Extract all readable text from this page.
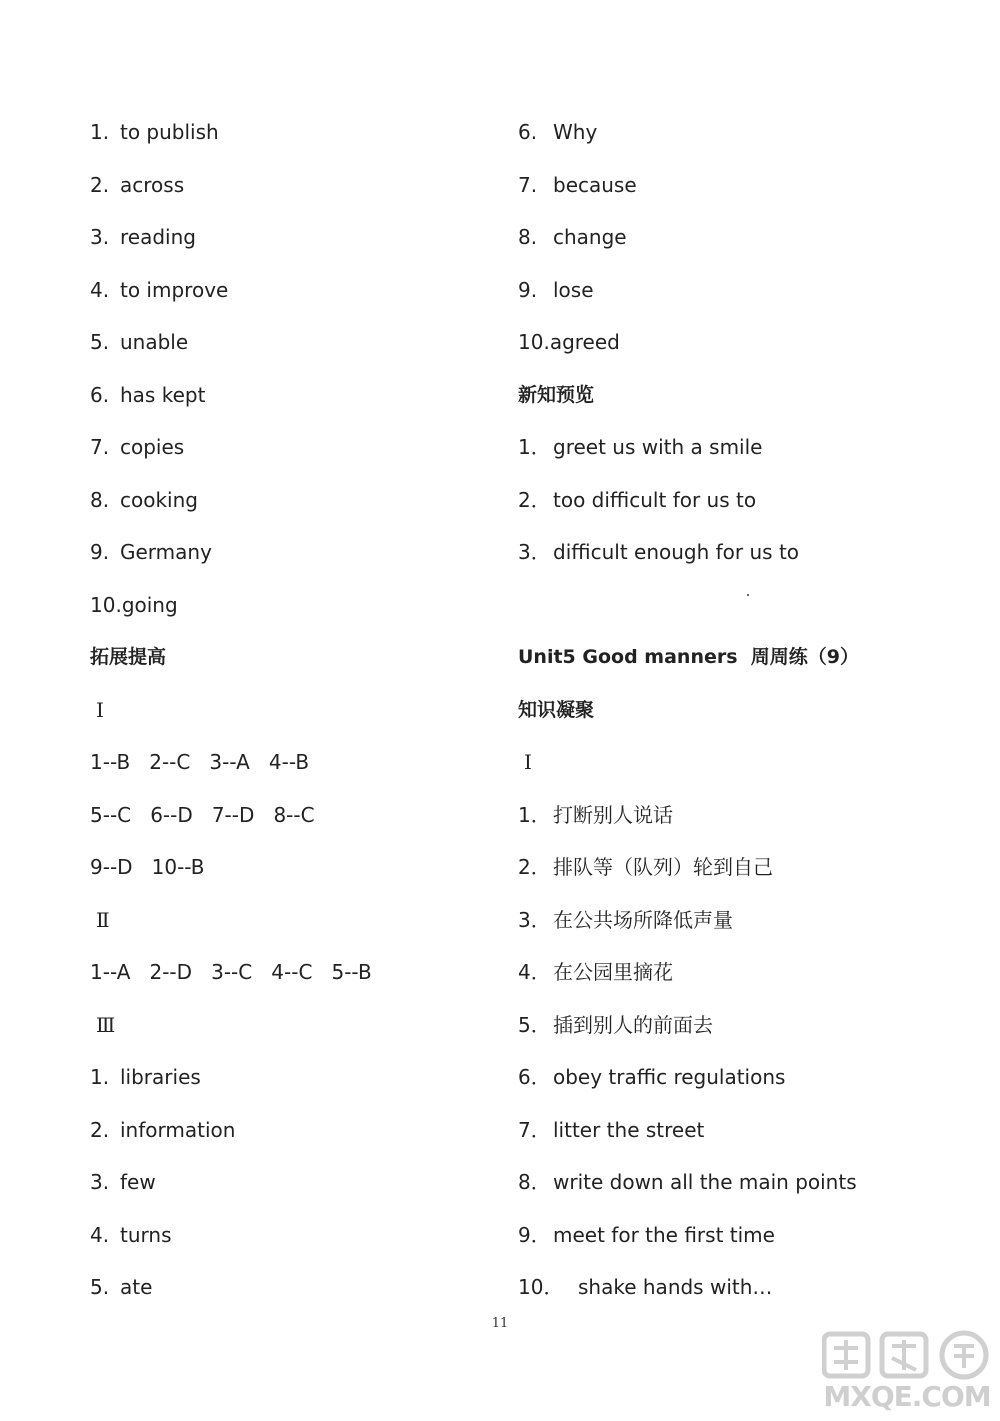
1. to publish
2. across
3. reading
4. to improve
5. unable
6. has kept
7. copies
8. cooking
9. Germany
10.going
拓展提高
Ⅰ
1--B   2--C   3--A   4--B
5--C   6--D   7--D   8--C
9--D   10--B
Ⅱ
1--A   2--D   3--C   4--C   5--B
Ⅲ
1. libraries
2. information
3. few
4. turns
5. ate
6. Why
7. because
8. change
9. lose
10.agreed
新知预览
1． greet us with a smile
2． too difficult for us to
3． difficult enough for us to
Unit5 Good manners  周周练（9）
知识凝聚
Ⅰ
1． 打断别人说话
2． 排队等（队列）轮到自己
3． 在公共场所降低声量
4． 在公园里摘花
5． 插到别人的前面去
6． obey traffic regulations
7． litter the street
8． write down all the main points
9． meet for the first time
10． shake hands with…
11
MXQE.COM
